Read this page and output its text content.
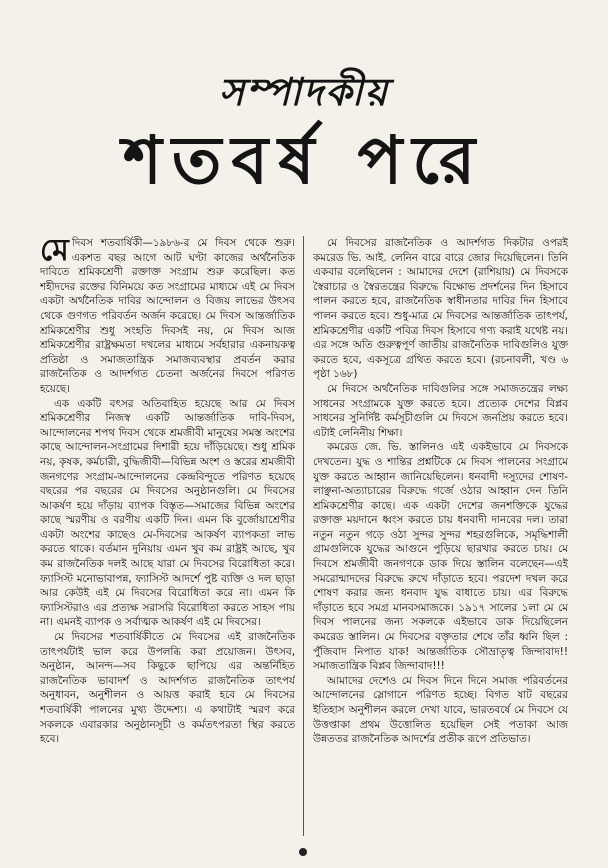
সম্পাদকীয়
শতবর্ষ পরে

মে দিবস শতবার্ষিকী—১৯৮৬-র মে দিবস থেকে শুরু। একশত বছর আগে আট ঘণ্টা কাজের অর্থনৈতিক দাবিতে শ্রমিকশ্রেণী রক্তাক্ত সংগ্রাম শুরু করেছিল। কত শহীদদের রক্তের বিনিময়ে কত সংগ্রামের মাধ্যমে এই মে দিবস একটা অর্থনৈতিক দাবির আন্দোলন ও বিজয় লাভের উৎসব থেকে গুণগত পরিবর্তন অর্জন করেছে। মে দিবস আন্তর্জাতিক শ্রমিকশ্রেণীর শুধু সংহতি দিবসই নয়, মে দিবস আজ শ্রমিকশ্রেণীর রাষ্ট্রক্ষমতা দখলের মাধ্যমে সর্বহারার একনায়কত্ব প্রতিষ্ঠা ও সমাজতান্ত্রিক সমাজব্যবস্থার প্রবর্তন করার রাজনৈতিক ও আদর্শগত চেতনা অর্জনের দিবসে পরিণত হয়েছে।

এক একটি বৎসর অতিবাহিত হয়েছে আর মে দিবস শ্রমিকশ্রেণীর নিজস্ব একটি আন্তর্জাতিক দাবি-দিবস, আন্দোলনের শপথ দিবস থেকে শ্রমজীবী মানুষের সমস্ত অংশের কাছে আন্দোলন-সংগ্রামের দিশারী হয়ে দাঁড়িয়েছে। শুধু শ্রমিক নয়, কৃষক, কর্মচারী, বুদ্ধিজীবী—বিভিন্ন অংশ ও স্তরের শ্রমজীবী জনগণের সংগ্রাম-আন্দোলনের কেন্দ্রবিন্দুতে পরিণত হয়েছে বছরের পর বছরের মে দিবসের অনুষ্ঠানগুলি। মে দিবসের আকর্ষণ হয়ে দাঁড়ায় ব্যাপক বিস্তৃত—সমাজের বিভিন্ন অংশের কাছে স্মরণীয় ও বরণীয় একটি দিন। এমন কি বুর্জোয়াশ্রেণীর একটা অংশের কাছেও মে-দিবসের আকর্ষণ ব্যাপকতা লাভ করতে থাকে। বর্তমান দুনিয়ায় এমন খুব কম রাষ্ট্রই আছে, খুব কম রাজনৈতিক দলই আছে যারা মে দিবসের বিরোধিতা করে। ফ্যাসিস্ট মনোভাবাপন্ন, ফ্যাসিস্ট আদর্শে পুষ্ট ব্যক্তি ও দল ছাড়া আর কেউই এই মে দিবসের বিরোধিতা করে না। এমন কি ফ্যাসিস্টরাও এর প্রত্যক্ষ সরাসরি বিরোধিতা করতে সাহস পায় না। এমনই ব্যাপক ও সর্বাত্মক আকর্ষণ এই মে দিবসের।

মে দিবসের শতবার্ষিকীতে মে দিবসের এই রাজনৈতিক তাৎপর্যটাই ভাল করে উপলব্ধি করা প্রয়োজন। উৎসব, অনুষ্ঠান, আনন্দ—সব কিছুকে ছাপিয়ে এর অন্তর্নিহিত রাজনৈতিক ভাবাদর্শ ও আদর্শগত রাজনৈতিক তাৎপর্য অনুধাবন, অনুশীলন ও আয়ত্ত করাই হবে মে দিবসের শতবার্ষিকী পালনের মুখ্য উদ্দেশ্য। এ কথাটাই স্মরণ করে সকলকে এবারকার অনুষ্ঠানসূচী ও কর্মতৎপরতা স্থির করতে হবে।

মে দিবসের রাজনৈতিক ও আদর্শগত দিকটার ওপরই কমরেড ভি. আই. লেনিন বারে বারে জোর দিয়েছিলেন। তিনি একবার বলেছিলেন : আমাদের দেশে (রাশিয়ায়) মে দিবসকে স্বৈরাচার ও স্বৈরতন্ত্রের বিরুদ্ধে বিক্ষোভ প্রদর্শনের দিন হিসাবে পালন করতে হবে, রাজনৈতিক স্বাধীনতার দাবির দিন হিসাবে পালন করতে হবে। শুধু-মাত্র মে দিবসের আন্তর্জাতিক তাৎপর্য, শ্রমিকশ্রেণীর একটি পবিত্র দিবস হিসাবে গণ্য করাই যথেষ্ট নয়। এর সঙ্গে অতি গুরুত্বপূর্ণ জাতীয় রাজনৈতিক দাবিগুলিও যুক্ত করতে হবে, একসূত্রে গ্রথিত করতে হবে। (রচনাবলী, খণ্ড ৬ পৃষ্ঠা ১৬৮)

মে দিবসে অর্থনৈতিক দাবিগুলির সঙ্গে সমাজতন্ত্রের লক্ষ্য সাধনের সংগ্রামকে যুক্ত করতে হবে। প্রত্যেক দেশের বিপ্লব সাধনের সুনির্দিষ্ট কর্মসূচীগুলি মে দিবসে জনপ্রিয় করতে হবে। এটাই লেনিনীয় শিক্ষা।

কমরেড জে. ভি. স্তালিনও এই একইভাবে মে দিবসকে দেখতেন। যুদ্ধ ও শান্তির প্রশ্নটিকে মে দিবস পালনের সংগ্রামে যুক্ত করতে আহ্বান জানিয়েছিলেন। ধনবাদী দস্যুদের শোষণ-লাঞ্ছনা-অত্যাচারের বিরুদ্ধে গর্জে ওঠার আহ্বান দেন তিনি শ্রমিকশ্রেণীর কাছে। এক একটা দেশের জনশক্তিকে যুদ্ধের রক্তাক্ত ময়দানে ধ্বংস করতে চায় ধনবাদী দানবের দল। তারা নতুন নতুন গড়ে ওঠা সুন্দর সুন্দর শহরগুলিকে, সমৃদ্ধিশালী গ্রামগুলিকে যুদ্ধের আগুনে পুড়িয়ে ছারখার করতে চায়। মে দিবসে শ্রমজীবী জনগণকে ডাক দিয়ে স্তালিন বলেছেন—এই সমরোন্মাদদের বিরুদ্ধে রুখে দাঁড়াতে হবে। পরদেশ দখল করে শোষণ করার জন্য ধনবাদ যুদ্ধ বাধাতে চায়। এর বিরুদ্ধে দাঁড়াতে হবে সমগ্র মানবসমাজকে। ১৯১৭ সালের ১লা মে মে দিবস পালনের জন্য সকলকে এইভাবে ডাক দিয়েছিলেন কমরেড স্তালিন। মে দিবসের বক্তৃতার শেষে তাঁর ধ্বনি ছিল : পুঁজিবাদ নিপাত যাক! আন্তর্জাতিক সৌভ্রাতৃত্ব জিন্দাবাদ!! সমাজতান্ত্রিক বিপ্লব জিন্দাবাদ!!!

আমাদের দেশেও মে দিবস দিনে দিনে সমাজ পরিবর্তনের আন্দোলনের স্লোগানে পরিণত হচ্ছে। বিগত ষাট বছরের ইতিহাস অনুশীলন করলে দেখা যাবে, ভারতবর্ষে মে দিবসে যে উত্তপ্তাকা প্রথম উত্তোলিত হয়েছিল সেই পতাকা আজ উন্নততর রাজনৈতিক আদর্শের প্রতীক রূপে প্রতিভাত।
